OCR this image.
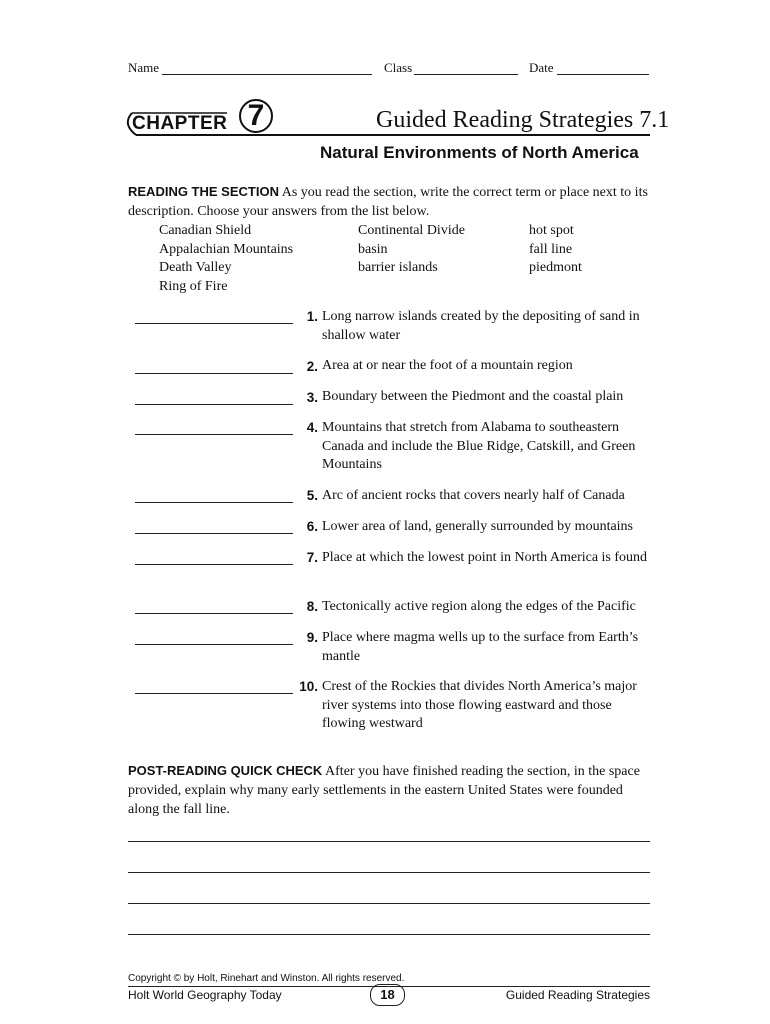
Name	Class	Date
CHAPTER 7	Guided Reading Strategies 7.1
Natural Environments of North America
READING THE SECTION As you read the section, write the correct term or place next to its description. Choose your answers from the list below.
Canadian Shield
Appalachian Mountains
Death Valley
Ring of Fire
Continental Divide
basin
barrier islands
hot spot
fall line
piedmont
1. Long narrow islands created by the depositing of sand in shallow water
2. Area at or near the foot of a mountain region
3. Boundary between the Piedmont and the coastal plain
4. Mountains that stretch from Alabama to southeastern Canada and include the Blue Ridge, Catskill, and Green Mountains
5. Arc of ancient rocks that covers nearly half of Canada
6. Lower area of land, generally surrounded by mountains
7. Place at which the lowest point in North America is found
8. Tectonically active region along the edges of the Pacific
9. Place where magma wells up to the surface from Earth’s mantle
10. Crest of the Rockies that divides North America’s major river systems into those flowing eastward and those flowing westward
POST-READING QUICK CHECK After you have finished reading the section, in the space provided, explain why many early settlements in the eastern United States were founded along the fall line.
Copyright © by Holt, Rinehart and Winston. All rights reserved.
Holt World Geography Today	18	Guided Reading Strategies
